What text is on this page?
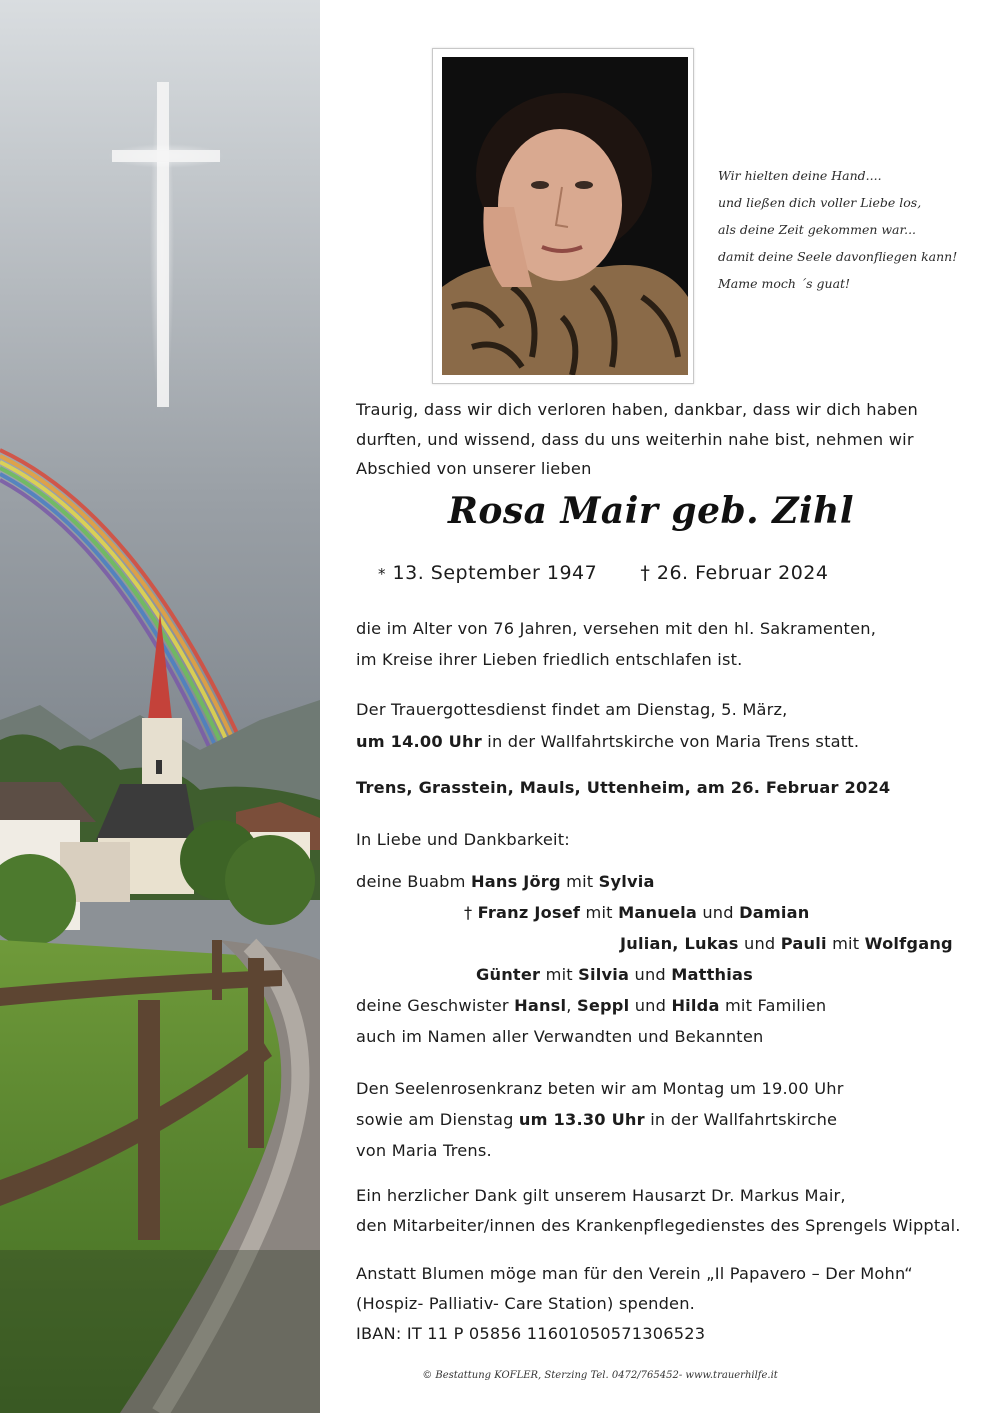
Wir hielten deine Hand....
und ließen dich voller Liebe los,
als deine Zeit gekommen war...
damit deine Seele davonfliegen kann!
Mame moch ´s guat!
Traurig, dass wir dich verloren haben, dankbar, dass wir dich haben
durften, und wissend, dass du uns weiterhin nahe bist, nehmen wir
Abschied von unserer lieben
Rosa Mair geb. Zihl
* 13. September 1947 † 26. Februar 2024
die im Alter von 76 Jahren, versehen mit den hl. Sakramenten,
im Kreise ihrer Lieben friedlich entschlafen ist.
Der Trauergottesdienst findet am Dienstag, 5. März,
um 14.00 Uhr in der Wallfahrtskirche von Maria Trens statt.
Trens, Grasstein, Mauls, Uttenheim, am 26. Februar 2024
In Liebe und Dankbarkeit:
deine Buabm Hans Jörg mit Sylvia
† Franz Josef mit Manuela und Damian
Julian, Lukas und Pauli mit Wolfgang
Günter mit Silvia und Matthias
deine Geschwister Hansl, Seppl und Hilda mit Familien
auch im Namen aller Verwandten und Bekannten
Den Seelenrosenkranz beten wir am Montag um 19.00 Uhr
sowie am Dienstag um 13.30 Uhr in der Wallfahrtskirche
von Maria Trens.
Ein herzlicher Dank gilt unserem Hausarzt Dr. Markus Mair,
den Mitarbeiter/innen des Krankenpflegedienstes des Sprengels Wipptal.
Anstatt Blumen möge man für den Verein „Il Papavero – Der Mohn“
(Hospiz- Palliativ- Care Station) spenden.
IBAN: IT 11 P 05856 11601050571306523
© Bestattung KOFLER, Sterzing Tel. 0472/765452- www.trauerhilfe.it
